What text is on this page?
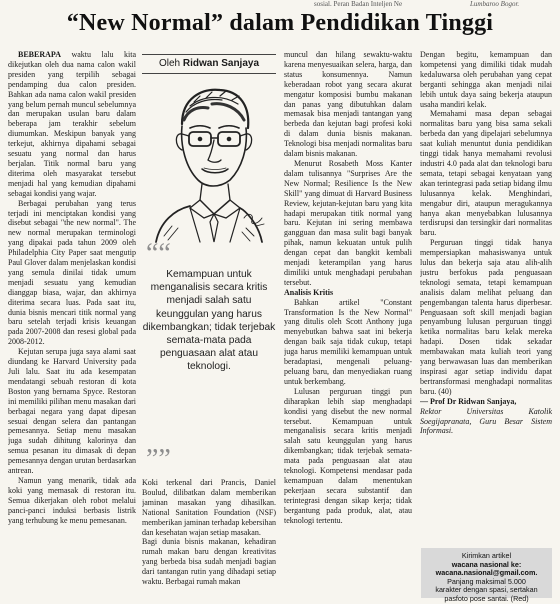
sosial. Peran Badan Inteljen Ne	Lumbaroo Bogor.
“New Normal” dalam Pendidikan Tinggi

BEBERAPA waktu lalu kita dikejutkan oleh dua nama calon wakil presiden yang terpilih sebagai pendamping dua calon presiden. Bahkan ada nama calon wakil presiden yang belum pernah muncul sebelumnya dan merupakan usulan baru dalam beberapa jam terakhir sebelum diumumkan. Meskipun banyak yang terkejut, akhirnya dipahami sebagai sesuatu yang normal dan harus berjalan. Titik normal baru yang diterima oleh masyarakat tersebut menjadi hal yang kemudian dipahami sebagai kondisi yang wajar.

Berbagai perubahan yang terus terjadi ini menciptakan kondisi yang disebut sebagai "the new normal". The new normal merupakan terminologi yang dipakai pada tahun 2009 oleh Philadelphia City Paper saat mengutip Paul Glover dalam menjelaskan kondisi yang semula dinilai tidak umum menjadi sesuatu yang kemudian dianggap biasa, wajar, dan akhirnya diterima secara luas. Pada saat itu, dunia bisnis mencari titik normal yang baru setelah terjadi krisis keuangan pada 2007-2008 dan resesi global pada 2008-2012.

Kejutan serupa juga saya alami saat diundang ke Harvard University pada Juli lalu. Saat itu ada kesempatan mendatangi sebuah restoran di kota Boston yang bernama Spyce. Restoran ini memiliki pilihan menu masakan dari berbagai negara yang dapat dipesan sesuai dengan selera dan pantangan pemesannya. Setiap menu masakan juga sudah dihitung kalorinya dan semua pesanan itu dimasak di depan pemesannya dengan urutan berdasarkan antrean.

Namun yang menarik, tidak ada koki yang memasak di restoran itu. Semua dikerjakan oleh robot melalui panci-panci induksi berbasis listrik yang terhubung ke menu pemesanan.

Oleh Ridwan Sanjaya
““
Kemampuan untuk menganalisis secara kritis menjadi salah satu keunggulan yang harus dikembangkan; tidak terjebak semata-mata pada penguasaan alat atau teknologi.
””

Koki terkenal dari Prancis, Daniel Boulud, dilibatkan dalam memberikan jaminan masakan yang dihasilkan. National Sanitation Foundation (NSF) memberikan jaminan terhadap kebersihan dan kesehatan wajan setiap masakan.

Bagi dunia bisnis makanan, kehadiran rumah makan baru dengan kreativitas yang berbeda bisa sudah menjadi bagian dari tantangan rutin yang dihadapi setiap waktu. Berbagai rumah makan

muncul dan hilang sewaktu-waktu karena menyesuaikan selera, harga, dan status konsumennya. Namun keberadaan robot yang secara akurat mengatur komposisi bumbu makanan dan panas yang dibutuhkan dalam memasak bisa menjadi tantangan yang berbeda dan kejutan bagi profesi koki di dalam dunia bisnis makanan. Teknologi bisa menjadi normalitas baru dalam bisnis makanan.

Menurut Rosabeth Moss Kanter dalam tulisannya "Surprises Are the New Normal; Resilience Is the New Skill" yang dimuat di Harvard Business Review, kejutan-kejutan baru yang kita hadapi merupakan titik normal yang baru. Kejutan ini sering membawa gangguan dan masa sulit bagi banyak pihak, namun kekuatan untuk pulih dengan cepat dan bangkit kembali menjadi keterampilan yang harus dimiliki untuk menghadapi perubahan tersebut.

Analisis Kritis

Bahkan artikel "Constant Transformation Is the New Normal" yang ditulis oleh Scott Anthony juga menyebutkan bahwa saat ini bekerja dengan baik saja tidak cukup, tetapi juga harus memiliki kemampuan untuk beradaptasi, mengenali peluang-peluang baru, dan menyediakan ruang untuk berkembang.

Lulusan perguruan tinggi pun diharapkan lebih siap menghadapi kondisi yang disebut the new normal tersebut. Kemampuan untuk menganalisis secara kritis menjadi salah satu keunggulan yang harus dikembangkan; tidak terjebak semata-mata pada penguasaan alat atau teknologi. Kompetensi mendasar pada kemampuan dalam menentukan pekerjaan secara substantif dan terintegrasi dengan sikap kerja; tidak bergantung pada produk, alat, atau teknologi tertentu.

Dengan begitu, kemampuan dan kompetensi yang dimiliki tidak mudah kedaluwarsa oleh perubahan yang cepat berganti sehingga akan menjadi nilai lebih untuk daya saing bekerja ataupun usaha mandiri kelak.

Memahami masa depan sebagai normalitas baru yang bisa sama sekali berbeda dan yang dipelajari sebelumnya saat kuliah menuntut dunia pendidikan tinggi tidak hanya memahami revolusi industri 4.0 pada alat dan teknologi baru semata, tetapi sebagai kenyataan yang akan terintegrasi pada setiap bidang ilmu lulusannya kelak. Menghindari, mengabur diri, ataupun meragukannya hanya akan menyebabkan lulusannya terdisrupsi dan tersingkir dari normalitas baru.

Perguruan tinggi tidak hanya mempersiapkan mahasiswanya untuk lulus dan bekerja saja atau alih-alih justru berfokus pada penguasaan teknologi semata, tetapi kemampuan analisis dalam melihat peluang dan pengembangan talenta harus diperbesar. Penguasaan soft skill menjadi bagian penyambung lulusan perguruan tinggi ketika normalitas baru kelak mereka hadapi. Dosen tidak sekadar membawakan mata kuliah teori yang yang berwawasan luas dan memberikan inspirasi agar setiap individu dapat bertransformasi menghadapi normalitas baru. (40)

— Prof Dr Ridwan Sanjaya,

Rektor Universitas Katolik Soegijapranata, Guru Besar Sistem Informasi.

Kirimkan artikel
wacana nasional ke:
wacana.nasional@gmail.com.
Panjang maksimal 5.000
karakter dengan spasi, sertakan
pasfoto pose santai. (Red)
